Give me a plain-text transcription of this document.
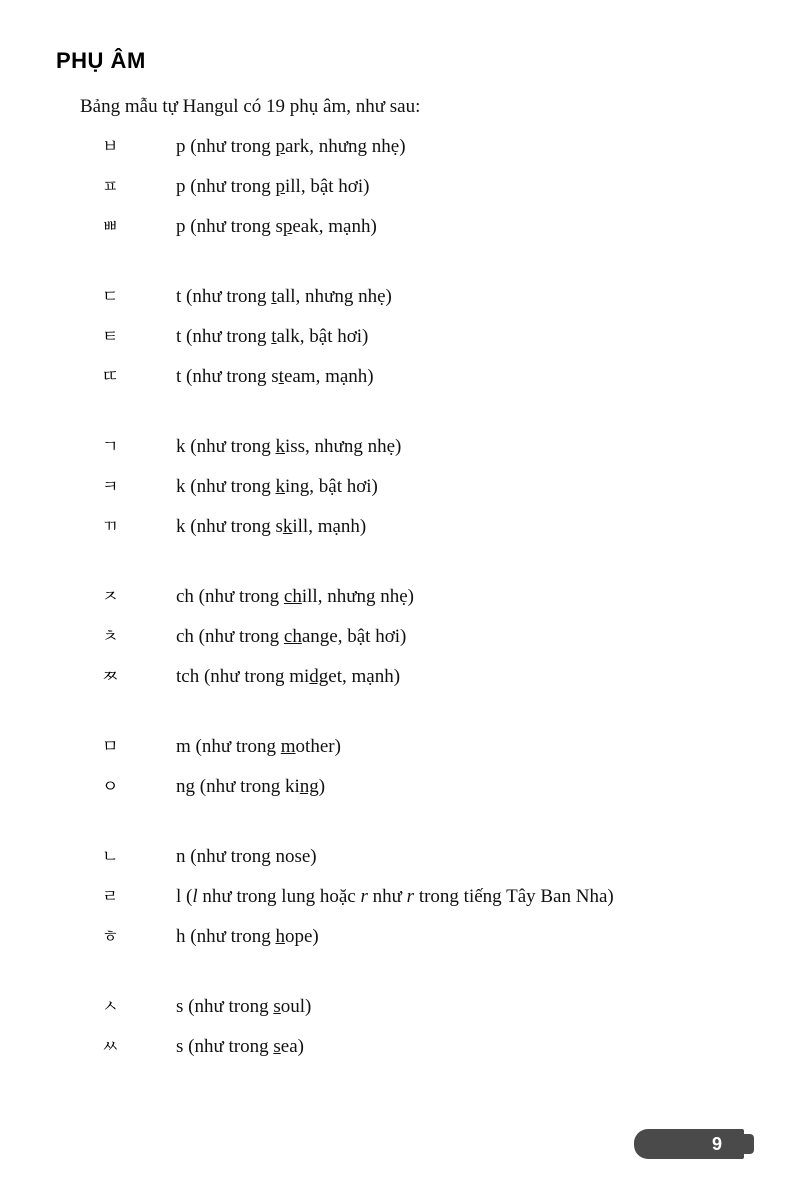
PHỤ ÂM

Bảng mẫu tự Hangul có 19 phụ âm, như sau:

ㅂ	p (như trong park, nhưng nhẹ)
ㅍ	p (như trong pill, bật hơi)
ㅃ	p (như trong speak, mạnh)
ㄷ	t (như trong tall, nhưng nhẹ)
ㅌ	t (như trong talk, bật hơi)
ㄸ	t (như trong steam, mạnh)
ㄱ	k (như trong kiss, nhưng nhẹ)
ㅋ	k (như trong king, bật hơi)
ㄲ	k (như trong skill, mạnh)
ㅈ	ch (như trong chill, nhưng nhẹ)
ㅊ	ch (như trong change, bật hơi)
ㅉ	tch (như trong midget, mạnh)
ㅁ	m (như trong mother)
ㅇ	ng (như trong king)
ㄴ	n (như trong nose)
ㄹ	l (l như trong lung hoặc r như r trong tiếng Tây Ban Nha)
ㅎ	h (như trong hope)
ㅅ	s (như trong soul)
ㅆ	s (như trong sea)
9
